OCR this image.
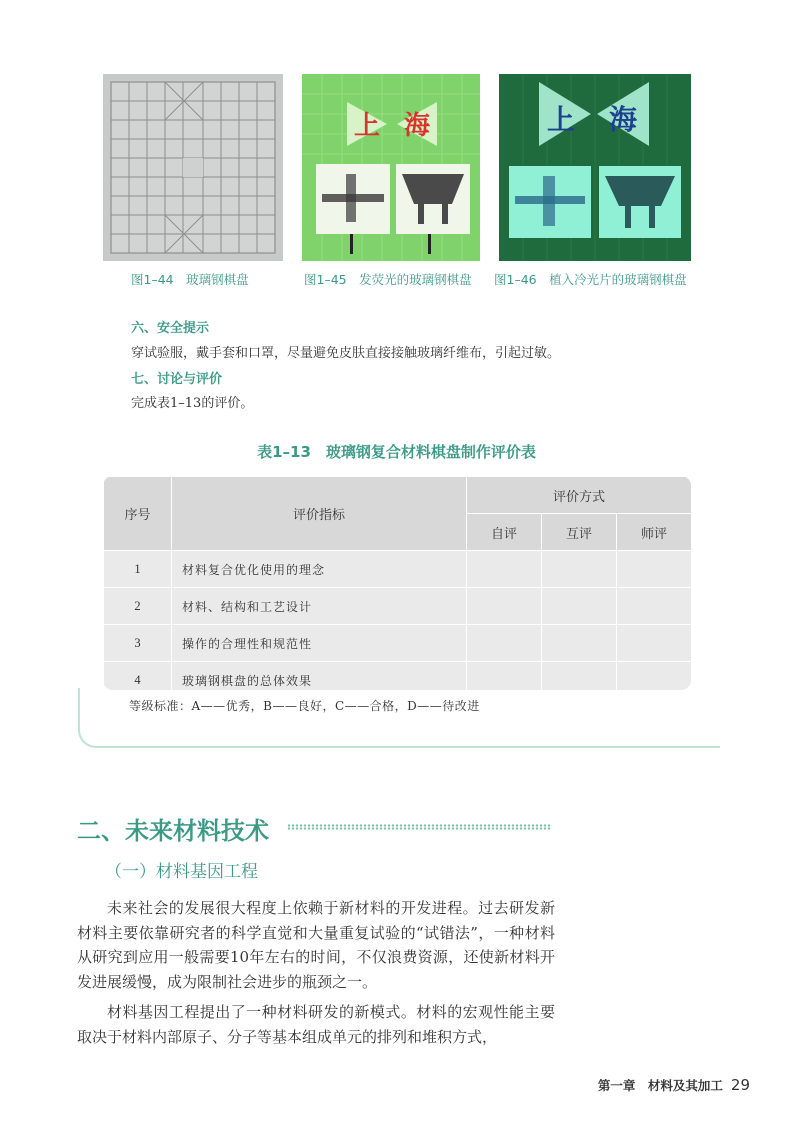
上 海	上 海
图1–44　玻璃钢棋盘	图1–45　发荧光的玻璃钢棋盘 图1–46　植入冷光片的玻璃钢棋盘
六、安全提示
穿试验服，戴手套和口罩，尽量避免皮肤直接接触玻璃纤维布，引起过敏。
七、讨论与评价
完成表1–13的评价。
表1–13　玻璃钢复合材料棋盘制作评价表
序号	评价指标	评价方式		
		自评	互评	师评
1	材料复合优化使用的理念			
2	材料、结构和工艺设计			
3	操作的合理性和规范性			
4	玻璃钢棋盘的总体效果			
等级标准：A——优秀，B——良好，C——合格，D——待改进
二、未来材料技术
（一）材料基因工程
未来社会的发展很大程度上依赖于新材料的开发进程。过去研发新材料主要依靠研究者的科学直觉和大量重复试验的“试错法”，一种材料从研究到应用一般需要10年左右的时间，不仅浪费资源，还使新材料开发进展缓慢，成为限制社会进步的瓶颈之一。
材料基因工程提出了一种材料研发的新模式。材料的宏观性能主要取决于材料内部原子、分子等基本组成单元的排列和堆积方式，
第一章　材料及其加工 29
